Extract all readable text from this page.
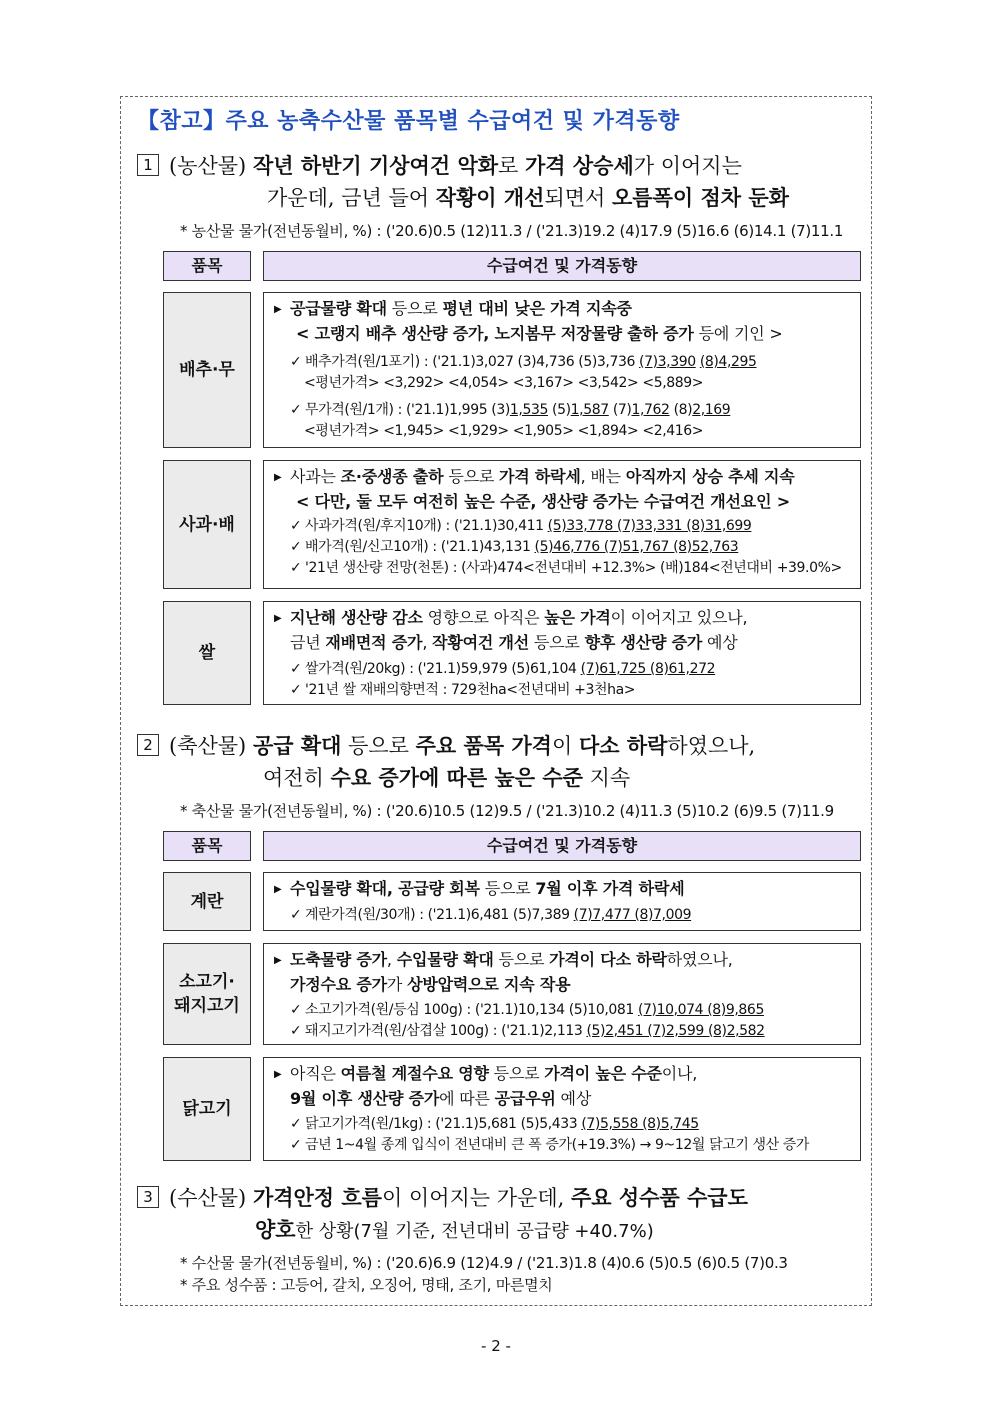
【참고】주요 농축수산물 품목별 수급여건 및 가격동향
1 (농산물) 작년 하반기 기상여건 악화로 가격 상승세가 이어지는
가운데, 금년 들어 작황이 개선되면서 오름폭이 점차 둔화
* 농산물 물가(전년동월비, %) : ('20.6)0.5 (12)11.3 / ('21.3)19.2 (4)17.9 (5)16.6 (6)14.1 (7)11.1
품목	수급여건 및 가격동향
배추·무
▶ 공급물량 확대 등으로 평년 대비 낮은 가격 지속중
< 고랭지 배추 생산량 증가, 노지봄무 저장물량 출하 증가 등에 기인 >
✓ 배추가격(원/1포기) : ('21.1)3,027 (3)4,736 (5)3,736 (7)3,390 (8)4,295
<평년가격> <3,292> <4,054> <3,167> <3,542> <5,889>
✓ 무가격(원/1개) : ('21.1)1,995 (3)1,535 (5)1,587 (7)1,762 (8)2,169
<평년가격> <1,945> <1,929> <1,905> <1,894> <2,416>
사과·배
▶ 사과는 조·중생종 출하 등으로 가격 하락세, 배는 아직까지 상승 추세 지속
< 다만, 둘 모두 여전히 높은 수준, 생산량 증가는 수급여건 개선요인 >
✓ 사과가격(원/후지10개) : ('21.1)30,411 (5)33,778 (7)33,331 (8)31,699
✓ 배가격(원/신고10개) : ('21.1)43,131 (5)46,776 (7)51,767 (8)52,763
✓ '21년 생산량 전망(천톤) : (사과)474<전년대비 +12.3%> (배)184<전년대비 +39.0%>
쌀
▶ 지난해 생산량 감소 영향으로 아직은 높은 가격이 이어지고 있으나,
금년 재배면적 증가, 작황여건 개선 등으로 향후 생산량 증가 예상
✓ 쌀가격(원/20kg) : ('21.1)59,979 (5)61,104 (7)61,725 (8)61,272
✓ '21년 쌀 재배의향면적 : 729천ha<전년대비 +3천ha>
2 (축산물) 공급 확대 등으로 주요 품목 가격이 다소 하락하였으나,
여전히 수요 증가에 따른 높은 수준 지속
* 축산물 물가(전년동월비, %) : ('20.6)10.5 (12)9.5 / ('21.3)10.2 (4)11.3 (5)10.2 (6)9.5 (7)11.9
품목	수급여건 및 가격동향
계란
▶ 수입물량 확대, 공급량 회복 등으로 7월 이후 가격 하락세
✓ 계란가격(원/30개) : ('21.1)6,481 (5)7,389 (7)7,477 (8)7,009
소고기·
돼지고기
▶ 도축물량 증가, 수입물량 확대 등으로 가격이 다소 하락하였으나,
가정수요 증가가 상방압력으로 지속 작용
✓ 소고기가격(원/등심 100g) : ('21.1)10,134 (5)10,081 (7)10,074 (8)9,865
✓ 돼지고기가격(원/삼겹살 100g) : ('21.1)2,113 (5)2,451 (7)2,599 (8)2,582
닭고기
▶ 아직은 여름철 계절수요 영향 등으로 가격이 높은 수준이나,
9월 이후 생산량 증가에 따른 공급우위 예상
✓ 닭고기가격(원/1kg) : ('21.1)5,681 (5)5,433 (7)5,558 (8)5,745
✓ 금년 1~4월 종계 입식이 전년대비 큰 폭 증가(+19.3%) → 9~12월 닭고기 생산 증가
3 (수산물) 가격안정 흐름이 이어지는 가운데, 주요 성수품 수급도
양호한 상황(7월 기준, 전년대비 공급량 +40.7%)
* 수산물 물가(전년동월비, %) : ('20.6)6.9 (12)4.9 / ('21.3)1.8 (4)0.6 (5)0.5 (6)0.5 (7)0.3
* 주요 성수품 : 고등어, 갈치, 오징어, 명태, 조기, 마른멸치
- 2 -
